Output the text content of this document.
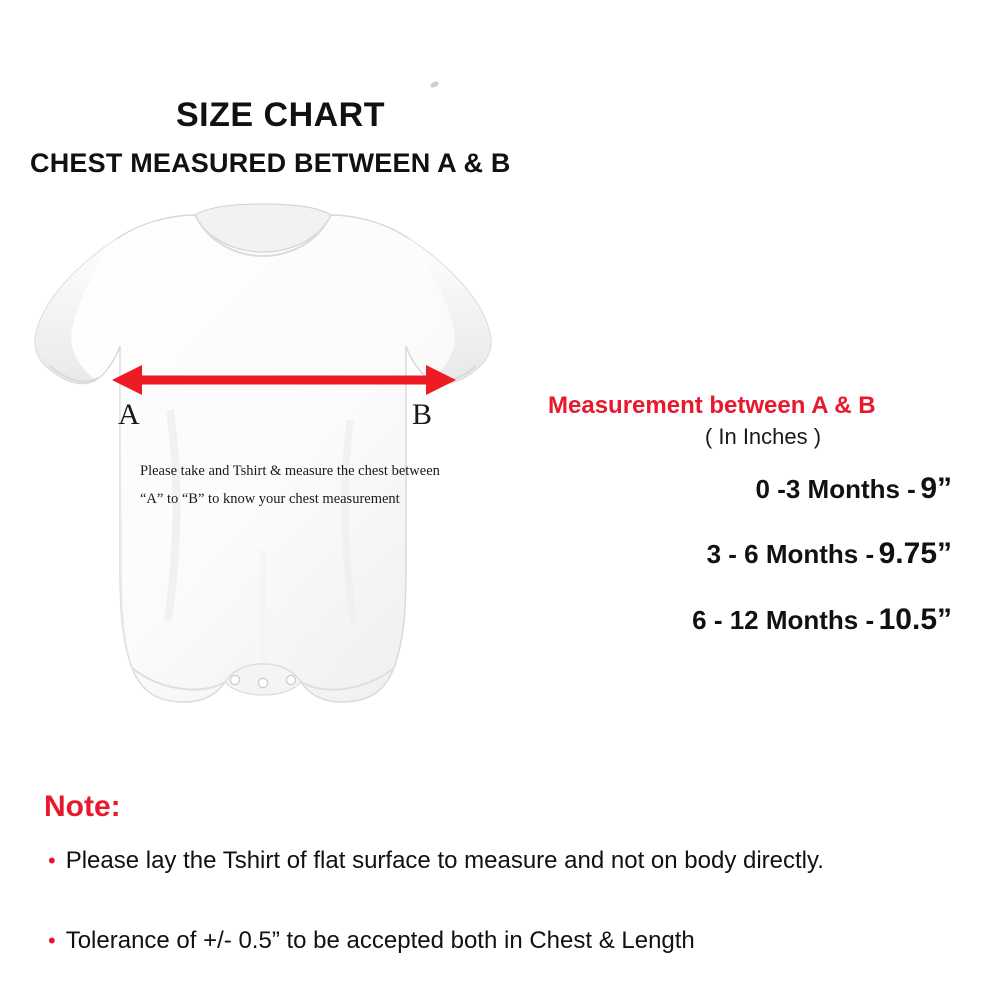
SIZE CHART
CHEST MEASURED BETWEEN A & B
A	B
Please take and Tshirt & measure the chest between “A” to “B” to know your chest measurement
Measurement between A & B
( In Inches )
0 -3 Months - 9”
3 - 6 Months - 9.75”
6 - 12 Months - 10.5”
Note:
• Please lay the Tshirt of flat surface to measure and not on body directly.
• Tolerance of +/- 0.5” to be accepted both in Chest & Length
